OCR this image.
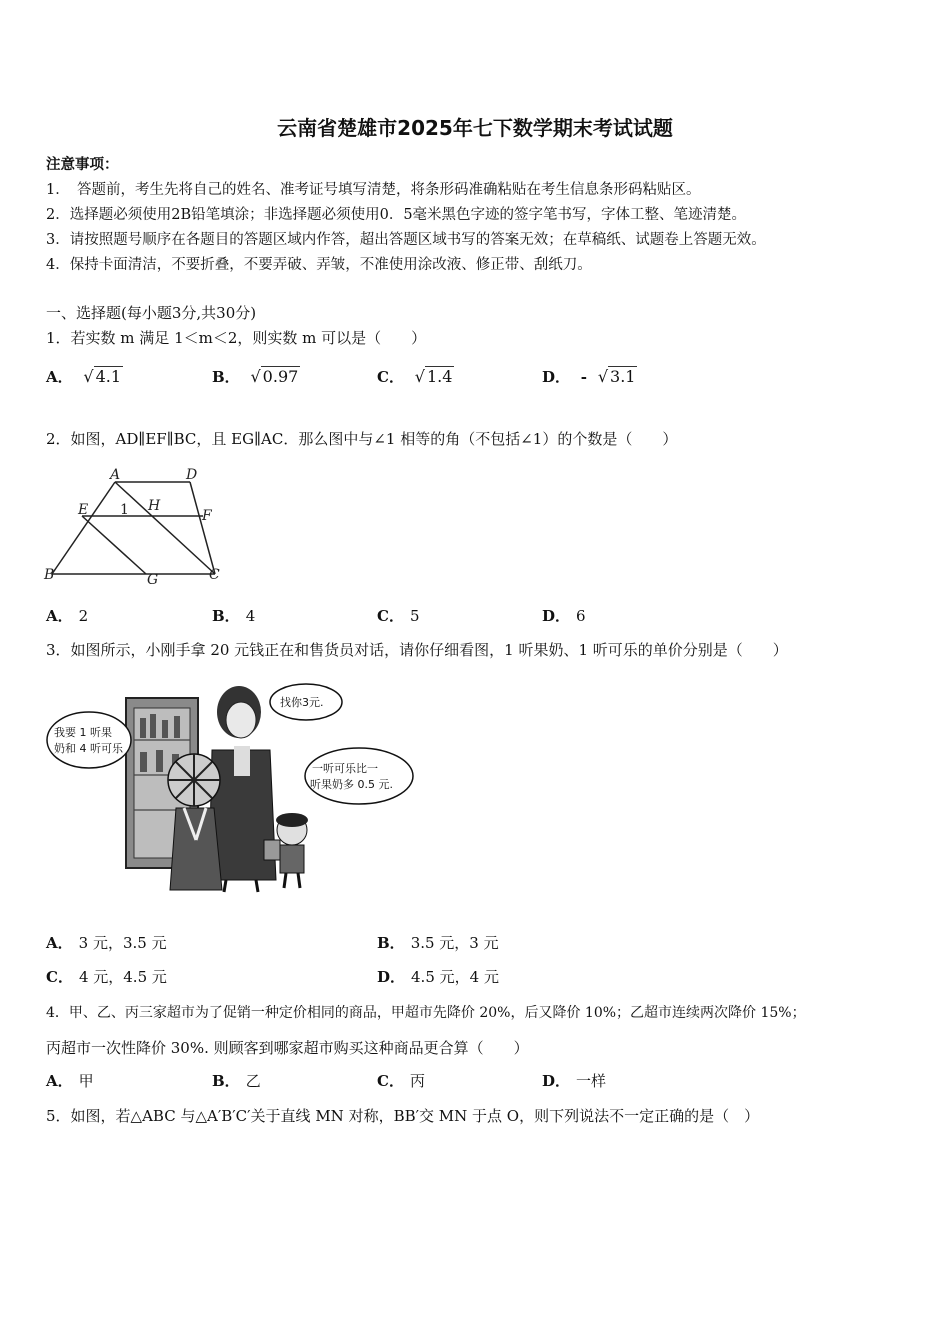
云南省楚雄市2025年七下数学期末考试试题
注意事项：
1．　答题前，考生先将自己的姓名、准考证号填写清楚，将条形码准确粘贴在考生信息条形码粘贴区。
2．选择题必须使用2B铅笔填涂；非选择题必须使用0．5毫米黑色字迹的签字笔书写，字体工整、笔迹清楚。
3．请按照题号顺序在各题目的答题区域内作答，超出答题区域书写的答案无效；在草稿纸、试题卷上答题无效。
4．保持卡面清洁，不要折叠，不要弄破、弄皱，不准使用涂改液、修正带、刮纸刀。
一、选择题(每小题3分,共30分)
1．若实数 m 满足 1＜m＜2，则实数 m 可以是（　　）
A． √ 4.1	B． √ 0.97	C． √ 1.4	D． - √ 3.1
2．如图，AD∥EF∥BC，且 EG∥AC．那么图中与∠1 相等的角（不包括∠1）的个数是（　　）
A	D
E 1 H
F
B	G	C
A． 2	B． 4	C． 5	D． 6
3．如图所示，小刚手拿 20 元钱正在和售货员对话，请你仔细看图，1 听果奶、1 听可乐的单价分别是（　　）
我要 1 听果
奶和 4 听可乐
找你3元.
一听可乐比一
听果奶多 0.5 元.
A． 3 元，3.5 元	B． 3.5 元，3 元
C． 4 元，4.5 元	D． 4.5 元，4 元
4．甲、乙、丙三家超市为了促销一种定价相同的商品，甲超市先降价 20%，后又降价 10%；乙超市连续两次降价 15%；
丙超市一次性降价 30%. 则顾客到哪家超市购买这种商品更合算（　　）
A． 甲	B． 乙	C． 丙	D． 一样
5．如图，若△ABC 与△A′B′C′关于直线 MN 对称，BB′交 MN 于点 O，则下列说法不一定正确的是（　）
